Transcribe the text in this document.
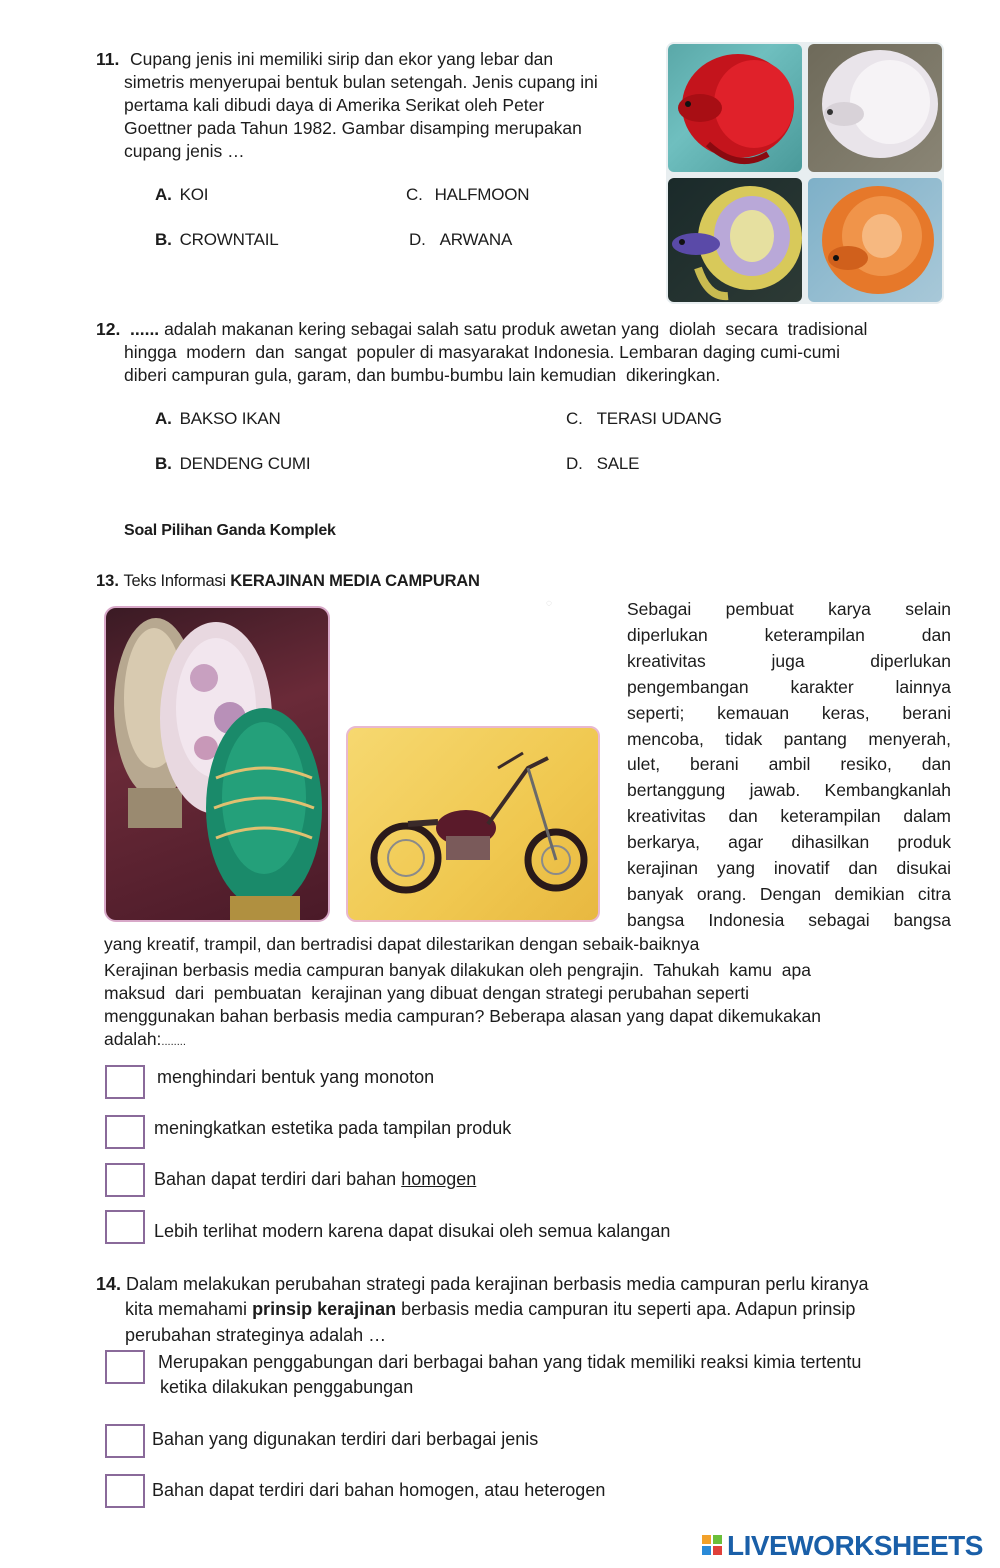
11. Cupang jenis ini memiliki sirip dan ekor yang lebar dan
simetris menyerupai bentuk bulan setengah. Jenis cupang ini
pertama kali dibudi daya di Amerika Serikat oleh Peter
Goettner pada Tahun 1982. Gambar disamping merupakan
cupang jenis …
A. KOI
B. CROWNTAIL
C. HALFMOON
D. ARWANA
12. ...... adalah makanan kering sebagai salah satu produk awetan yang  diolah  secara  tradisional
hingga  modern  dan  sangat  populer di masyarakat Indonesia. Lembaran daging cumi-cumi
diberi campuran gula, garam, dan bumbu-bumbu lain kemudian  dikeringkan.
A. BAKSO IKAN
B. DENDENG CUMI
C. TERASI UDANG
D. SALE
Soal Pilihan Ganda Komplek
13. Teks Informasi KERAJINAN MEDIA CAMPURAN
◌	Sebagai    pembuat    karya    selain
diperlukan         keterampilan         dan
kreativitas          juga          diperlukan
pengembangan     karakter     lainnya
seperti;   kemauan   keras,   berani
mencoba, tidak pantang menyerah,
ulet,   berani   ambil   resiko,   dan
bertanggung jawab. Kembangkanlah
kreativitas  dan  keterampilan  dalam
berkarya,   agar   dihasilkan   produk
kerajinan  yang  inovatif  dan  disukai
banyak orang. Dengan demikian citra
bangsa  Indonesia  sebagai  bangsa
yang kreatif, trampil, dan bertradisi dapat dilestarikan dengan sebaik-baiknya
Kerajinan berbasis media campuran banyak dilakukan oleh pengrajin.  Tahukah  kamu  apa
maksud  dari  pembuatan  kerajinan yang dibuat dengan strategi perubahan seperti
menggunakan bahan berbasis media campuran? Beberapa alasan yang dapat dikemukakan
adalah:........
menghindari bentuk yang monoton
meningkatkan estetika pada tampilan produk
Bahan dapat terdiri dari bahan homogen
Lebih terlihat modern karena dapat disukai oleh semua kalangan
14. Dalam melakukan perubahan strategi pada kerajinan berbasis media campuran perlu kiranya
kita memahami prinsip kerajinan berbasis media campuran itu seperti apa. Adapun prinsip
perubahan strateginya adalah …
Merupakan penggabungan dari berbagai bahan yang tidak memiliki reaksi kimia tertentu
ketika dilakukan penggabungan
Bahan yang digunakan terdiri dari berbagai jenis
Bahan dapat terdiri dari bahan homogen, atau heterogen
LIVEWORKSHEETS
